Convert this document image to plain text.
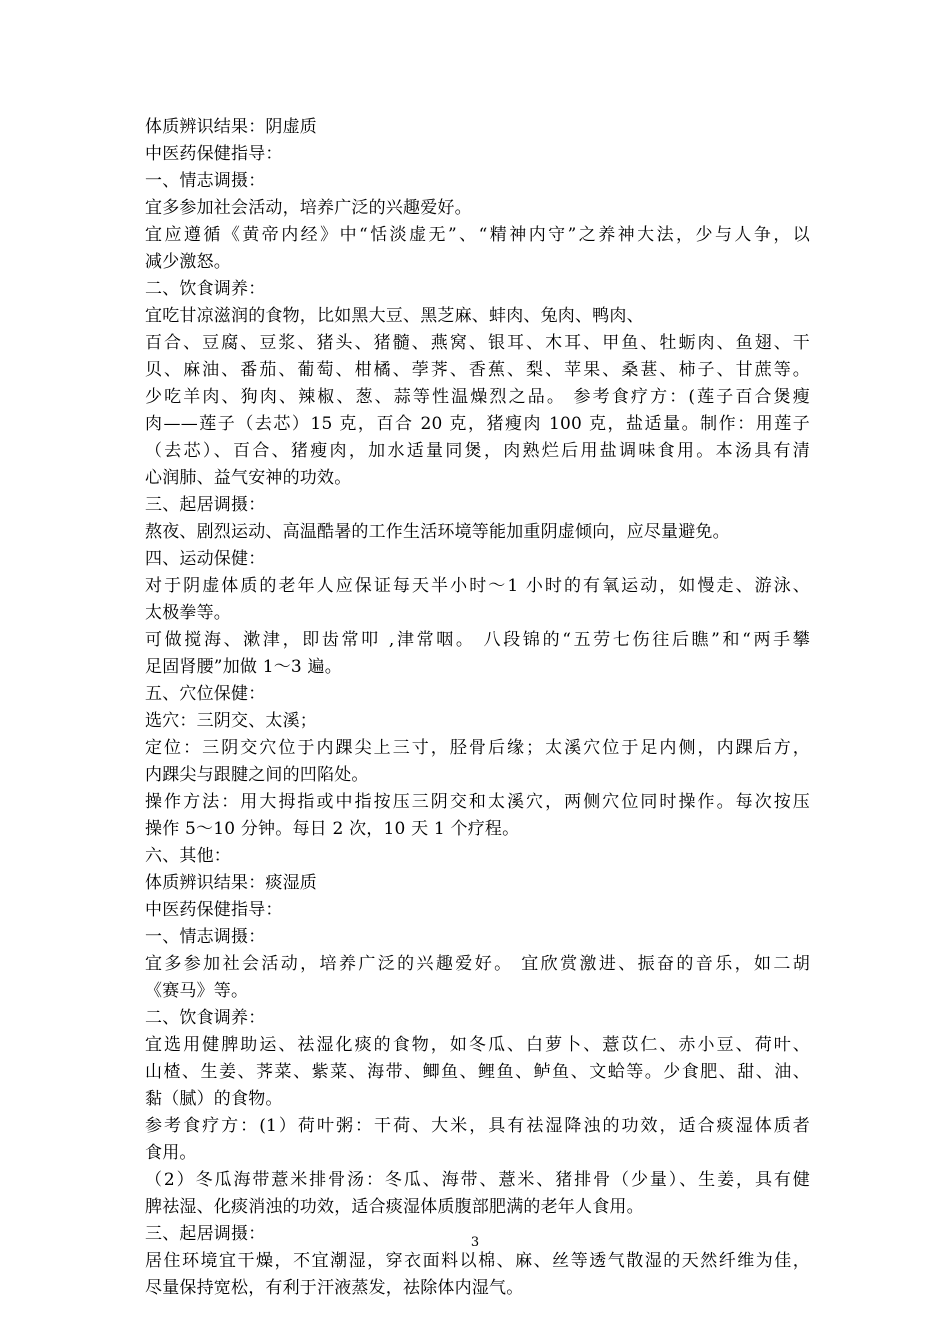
体质辨识结果：阴虚质
中医药保健指导：
一、情志调摄：
宜多参加社会活动，培养广泛的兴趣爱好。
宜应遵循《黄帝内经》中“恬淡虚无”、“精神内守”之养神大法，少与人争，以
减少激怒。
二、饮食调养：
宜吃甘凉滋润的食物，比如黑大豆、黑芝麻、蚌肉、兔肉、鸭肉、
百合、豆腐、豆浆、猪头、猪髓、燕窝、银耳、木耳、甲鱼、牡蛎肉、鱼翅、干
贝、麻油、番茄、葡萄、柑橘、荸荠、香蕉、梨、苹果、桑葚、柿子、甘蔗等。
少吃羊肉、狗肉、辣椒、葱、蒜等性温燥烈之品。 参考食疗方：(莲子百合煲瘦
肉——莲子（去芯）15 克，百合 20 克，猪瘦肉 100 克，盐适量。制作：用莲子
（去芯）、百合、猪瘦肉，加水适量同煲，肉熟烂后用盐调味食用。本汤具有清
心润肺、益气安神的功效。
三、起居调摄：
熬夜、剧烈运动、高温酷暑的工作生活环境等能加重阴虚倾向，应尽量避免。
四、运动保健：
对于阴虚体质的老年人应保证每天半小时～1 小时的有氧运动，如慢走、游泳、
太极拳等。
可做搅海、漱津，即齿常叩 ,津常咽。 八段锦的“五劳七伤往后瞧”和“两手攀
足固肾腰”加做 1～3 遍。
五、穴位保健：
选穴：三阴交、太溪；
定位：三阴交穴位于内踝尖上三寸，胫骨后缘；太溪穴位于足内侧，内踝后方，
内踝尖与跟腱之间的凹陷处。
操作方法：用大拇指或中指按压三阴交和太溪穴，两侧穴位同时操作。每次按压
操作 5～10 分钟。每日 2 次，10 天 1 个疗程。
六、其他：
体质辨识结果：痰湿质
中医药保健指导：
一、情志调摄：
宜多参加社会活动，培养广泛的兴趣爱好。 宜欣赏激进、振奋的音乐，如二胡
《赛马》等。
二、饮食调养：
宜选用健脾助运、祛湿化痰的食物，如冬瓜、白萝卜、薏苡仁、赤小豆、荷叶、
山楂、生姜、荠菜、紫菜、海带、鲫鱼、鲤鱼、鲈鱼、文蛤等。少食肥、甜、油、
黏（腻）的食物。
参考食疗方：(1）荷叶粥：干荷、大米，具有祛湿降浊的功效，适合痰湿体质者
食用。
（2）冬瓜海带薏米排骨汤：冬瓜、海带、薏米、猪排骨（少量）、生姜，具有健
脾祛湿、化痰消浊的功效，适合痰湿体质腹部肥满的老年人食用。
三、起居调摄：
居住环境宜干燥，不宜潮湿，穿衣面料以棉、麻、丝等透气散湿的天然纤维为佳，
尽量保持宽松，有利于汗液蒸发，祛除体内湿气。
3
